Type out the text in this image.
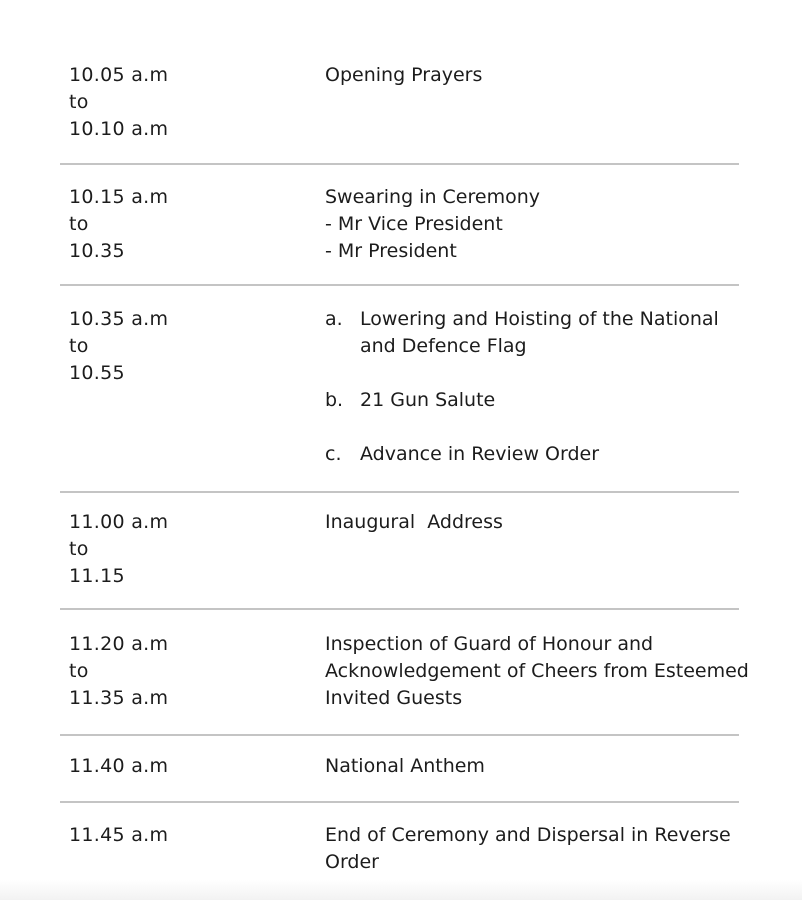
10.05 a.m
to
10.10 a.m
Opening Prayers
10.15 a.m
to
10.35
Swearing in Ceremony
- Mr Vice President
- Mr President
10.35 a.m
to
10.55
a. Lowering and Hoisting of the National
and Defence Flag
b. 21 Gun Salute
c. Advance in Review Order
11.00 a.m
to
11.15
Inaugural  Address
11.20 a.m
to
11.35 a.m
Inspection of Guard of Honour and
Acknowledgement of Cheers from Esteemed
Invited Guests
11.40 a.m	National Anthem
11.45 a.m	End of Ceremony and Dispersal in Reverse
Order
